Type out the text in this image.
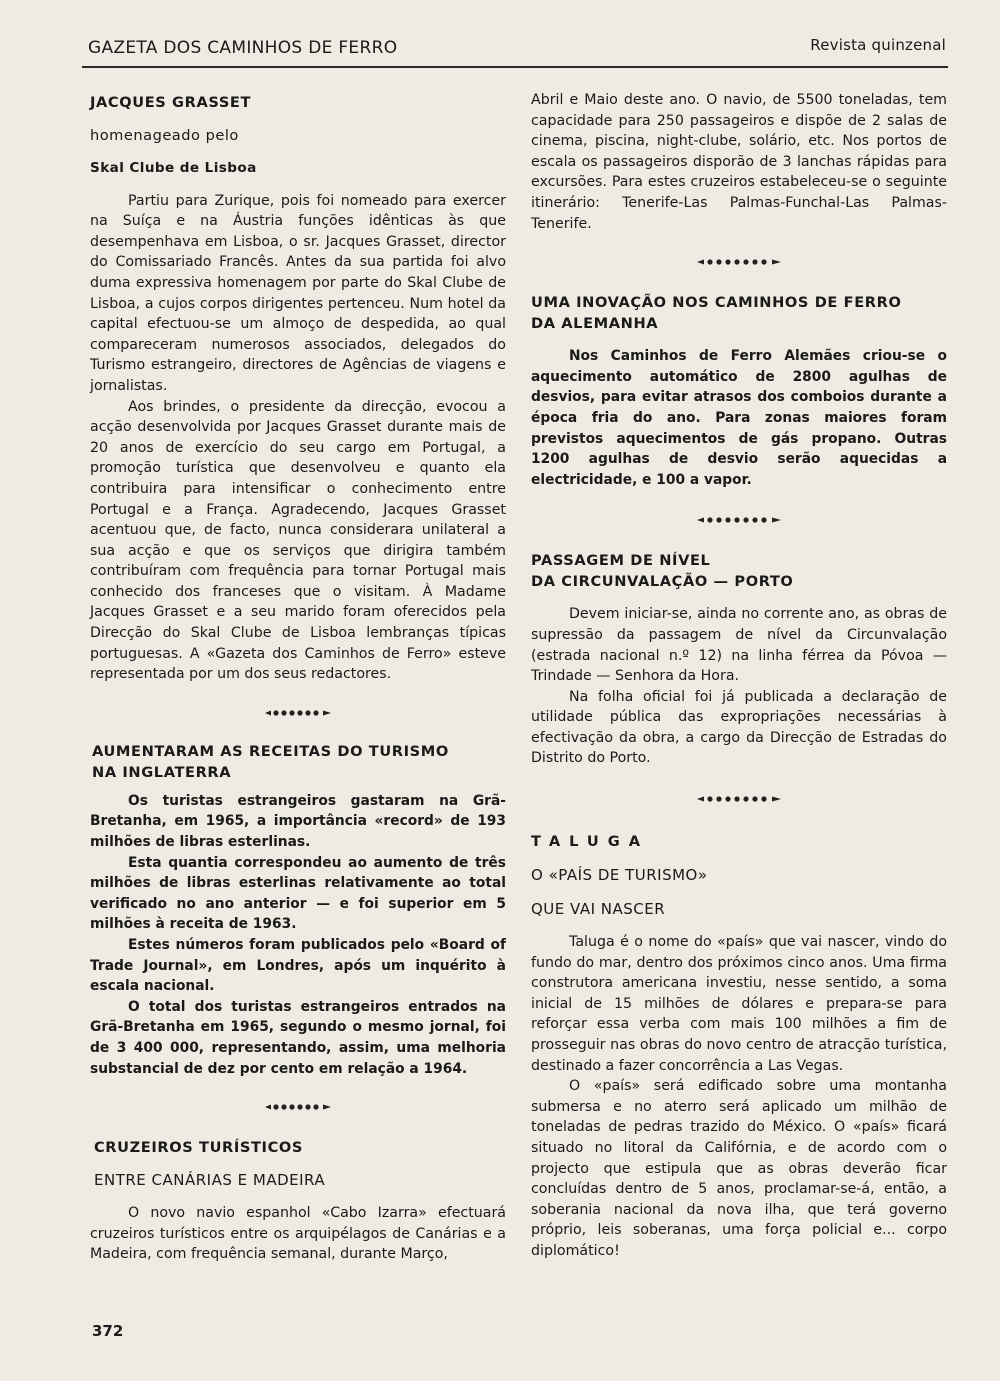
GAZETA DOS CAMINHOS DE FERRO	Revista quinzenal

JACQUES GRASSET

homenageado pelo

Skal Clube de Lisboa

Partiu para Zurique, pois foi nomeado para exercer na Suíça e na Áustria funções idênticas às que desempenhava em Lisboa, o sr. Jacques Grasset, director do Comissariado Francês. Antes da sua partida foi alvo duma expressiva homenagem por parte do Skal Clube de Lisboa, a cujos corpos dirigentes pertenceu. Num hotel da capital efectuou-se um almoço de despedida, ao qual compareceram numerosos associados, delegados do Turismo estrangeiro, directores de Agências de viagens e jornalistas.

Aos brindes, o presidente da direcção, evocou a acção desenvolvida por Jacques Grasset durante mais de 20 anos de exercício do seu cargo em Portugal, a promoção turística que desenvolveu e quanto ela contribuira para intensificar o conhecimento entre Portugal e a França. Agradecendo, Jacques Grasset acentuou que, de facto, nunca considerara unilateral a sua acção e que os serviços que dirigira também contribuíram com frequência para tornar Portugal mais conhecido dos franceses que o visitam. À Madame Jacques Grasset e a seu marido foram oferecidos pela Direcção do Skal Clube de Lisboa lembranças típicas portuguesas. A «Gazeta dos Caminhos de Ferro» esteve representada por um dos seus redactores.

AUMENTARAM AS RECEITAS DO TURISMO

NA INGLATERRA

Os turistas estrangeiros gastaram na Grã-Bretanha, em 1965, a importância «record» de 193 milhões de libras esterlinas.

Esta quantia correspondeu ao aumento de três milhões de libras esterlinas relativamente ao total verificado no ano anterior — e foi superior em 5 milhões à receita de 1963.

Estes números foram publicados pelo «Board of Trade Journal», em Londres, após um inquérito à escala nacional.

O total dos turistas estrangeiros entrados na Grã-Bretanha em 1965, segundo o mesmo jornal, foi de 3 400 000, representando, assim, uma melhoria substancial de dez por cento em relação a 1964.

CRUZEIROS TURÍSTICOS

ENTRE CANÁRIAS E MADEIRA

O novo navio espanhol «Cabo Izarra» efectuará cruzeiros turísticos entre os arquipélagos de Canárias e a Madeira, com frequência semanal, durante Março,

Abril e Maio deste ano. O navio, de 5500 toneladas, tem capacidade para 250 passageiros e dispõe de 2 salas de cinema, piscina, night-clube, solário, etc. Nos portos de escala os passageiros disporão de 3 lanchas rápidas para excursões. Para estes cruzeiros estabeleceu-se o seguinte itinerário: Tenerife-Las Palmas-Funchal-Las Palmas-Tenerife.

UMA INOVAÇÃO NOS CAMINHOS DE FERRO

DA ALEMANHA

Nos Caminhos de Ferro Alemães criou-se o aquecimento automático de 2800 agulhas de desvios, para evitar atrasos dos comboios durante a época fria do ano. Para zonas maiores foram previstos aquecimentos de gás propano. Outras 1200 agulhas de desvio serão aquecidas a electricidade, e 100 a vapor.

PASSAGEM DE NÍVEL

DA CIRCUNVALAÇÃO — PORTO

Devem iniciar-se, ainda no corrente ano, as obras de supressão da passagem de nível da Circunvalação (estrada nacional n.º 12) na linha férrea da Póvoa — Trindade — Senhora da Hora.

Na folha oficial foi já publicada a declaração de utilidade pública das expropriações necessárias à efectivação da obra, a cargo da Direcção de Estradas do Distrito do Porto.

TALUGA

O «PAÍS DE TURISMO»

QUE VAI NASCER

Taluga é o nome do «país» que vai nascer, vindo do fundo do mar, dentro dos próximos cinco anos. Uma firma construtora americana investiu, nesse sentido, a soma inicial de 15 milhões de dólares e prepara-se para reforçar essa verba com mais 100 milhões a fim de prosseguir nas obras do novo centro de atracção turística, destinado a fazer concorrência a Las Vegas.

O «país» será edificado sobre uma montanha submersa e no aterro será aplicado um milhão de toneladas de pedras trazido do México. O «país» ficará situado no litoral da Califórnia, e de acordo com o projecto que estipula que as obras deverão ficar concluídas dentro de 5 anos, proclamar-se-á, então, a soberania nacional da nova ilha, que terá governo próprio, leis soberanas, uma força policial e... corpo diplomático!

372
